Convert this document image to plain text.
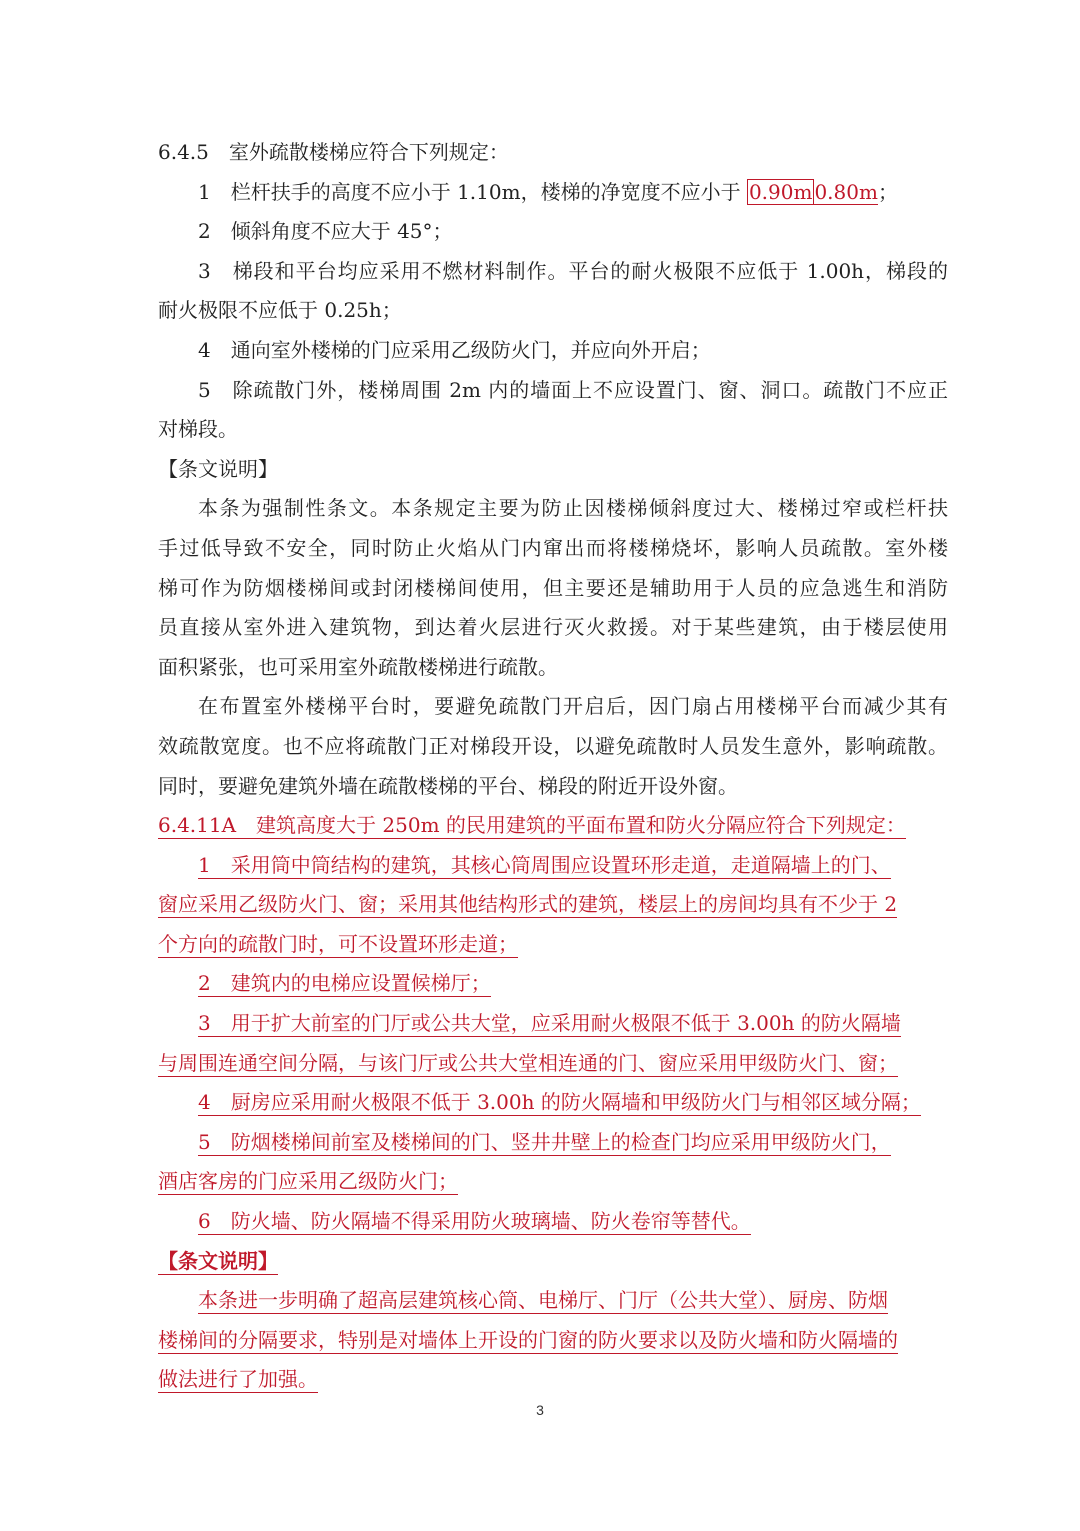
6.4.5　室外疏散楼梯应符合下列规定：
1　栏杆扶手的高度不应小于 1.10m，楼梯的净宽度不应小于 0.90m 0.80m；
2　倾斜角度不应大于 45°；
3　梯段和平台均应采用不燃材料制作。平台的耐火极限不应低于 1.00h，梯段的
耐火极限不应低于 0.25h；
4　通向室外楼梯的门应采用乙级防火门，并应向外开启；
5　除疏散门外，楼梯周围 2m 内的墙面上不应设置门、窗、洞口。疏散门不应正
对梯段。
【条文说明】
本条为强制性条文。本条规定主要为防止因楼梯倾斜度过大、楼梯过窄或栏杆扶
手过低导致不安全，同时防止火焰从门内窜出而将楼梯烧坏，影响人员疏散。室外楼
梯可作为防烟楼梯间或封闭楼梯间使用，但主要还是辅助用于人员的应急逃生和消防
员直接从室外进入建筑物，到达着火层进行灭火救援。对于某些建筑，由于楼层使用
面积紧张，也可采用室外疏散楼梯进行疏散。
在布置室外楼梯平台时，要避免疏散门开启后，因门扇占用楼梯平台而减少其有
效疏散宽度。也不应将疏散门正对梯段开设，以避免疏散时人员发生意外，影响疏散。
同时，要避免建筑外墙在疏散楼梯的平台、梯段的附近开设外窗。
6.4.11A　建筑高度大于 250m 的民用建筑的平面布置和防火分隔应符合下列规定：
1　采用筒中筒结构的建筑，其核心筒周围应设置环形走道，走道隔墙上的门、
窗应采用乙级防火门、窗；采用其他结构形式的建筑，楼层上的房间均具有不少于 2
个方向的疏散门时，可不设置环形走道；
2　建筑内的电梯应设置候梯厅；
3　用于扩大前室的门厅或公共大堂，应采用耐火极限不低于 3.00h 的防火隔墙
与周围连通空间分隔，与该门厅或公共大堂相连通的门、窗应采用甲级防火门、窗；
4　厨房应采用耐火极限不低于 3.00h 的防火隔墙和甲级防火门与相邻区域分隔；
5　防烟楼梯间前室及楼梯间的门、竖井井壁上的检查门均应采用甲级防火门，
酒店客房的门应采用乙级防火门；
6　防火墙、防火隔墙不得采用防火玻璃墙、防火卷帘等替代。
【条文说明】
本条进一步明确了超高层建筑核心筒、电梯厅、门厅（公共大堂）、厨房、防烟
楼梯间的分隔要求，特别是对墙体上开设的门窗的防火要求以及防火墙和防火隔墙的
做法进行了加强。
3
